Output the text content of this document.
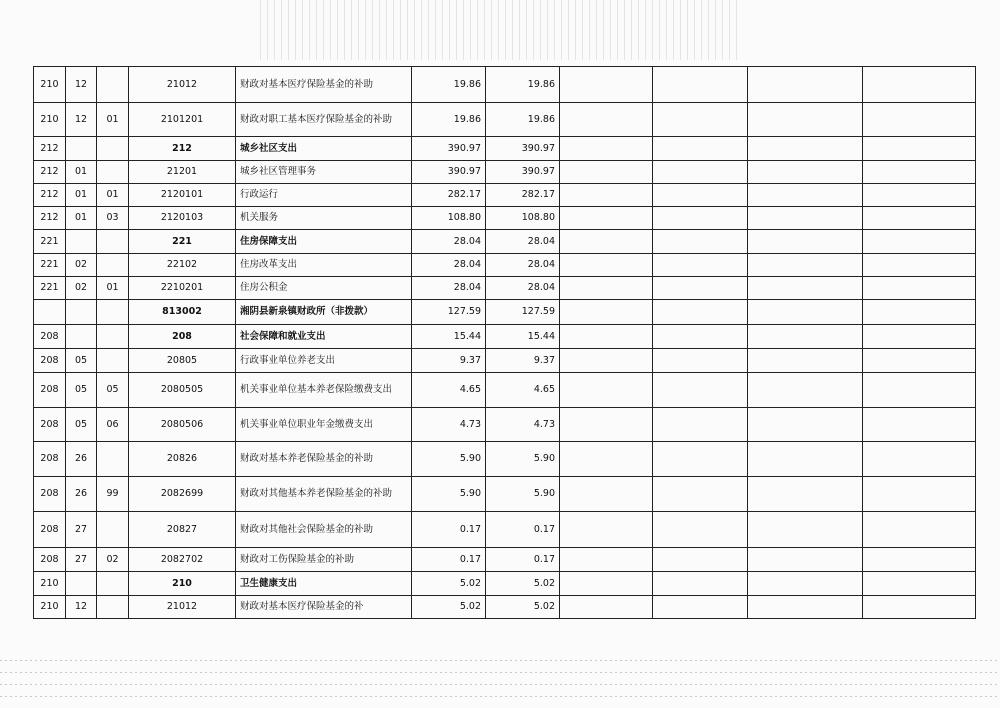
210	12		21012	财政对基本医疗保险基金的补助	19.86	19.86				
210	12	01	2101201	财政对职工基本医疗保险基金的补助	19.86	19.86				
212			212	城乡社区支出	390.97	390.97				
212	01		21201	城乡社区管理事务	390.97	390.97				
212	01	01	2120101	行政运行	282.17	282.17				
212	01	03	2120103	机关服务	108.80	108.80				
221			221	住房保障支出	28.04	28.04				
221	02		22102	住房改革支出	28.04	28.04				
221	02	01	2210201	住房公积金	28.04	28.04				
			813002	湘阴县新泉镇财政所（非拨款）	127.59	127.59				
208			208	社会保障和就业支出	15.44	15.44				
208	05		20805	行政事业单位养老支出	9.37	9.37				
208	05	05	2080505	机关事业单位基本养老保险缴费支出	4.65	4.65				
208	05	06	2080506	机关事业单位职业年金缴费支出	4.73	4.73				
208	26		20826	财政对基本养老保险基金的补助	5.90	5.90				
208	26	99	2082699	财政对其他基本养老保险基金的补助	5.90	5.90				
208	27		20827	财政对其他社会保险基金的补助	0.17	0.17				
208	27	02	2082702	财政对工伤保险基金的补助	0.17	0.17				
210			210	卫生健康支出	5.02	5.02				
210	12		21012	财政对基本医疗保险基金的补	5.02	5.02				
